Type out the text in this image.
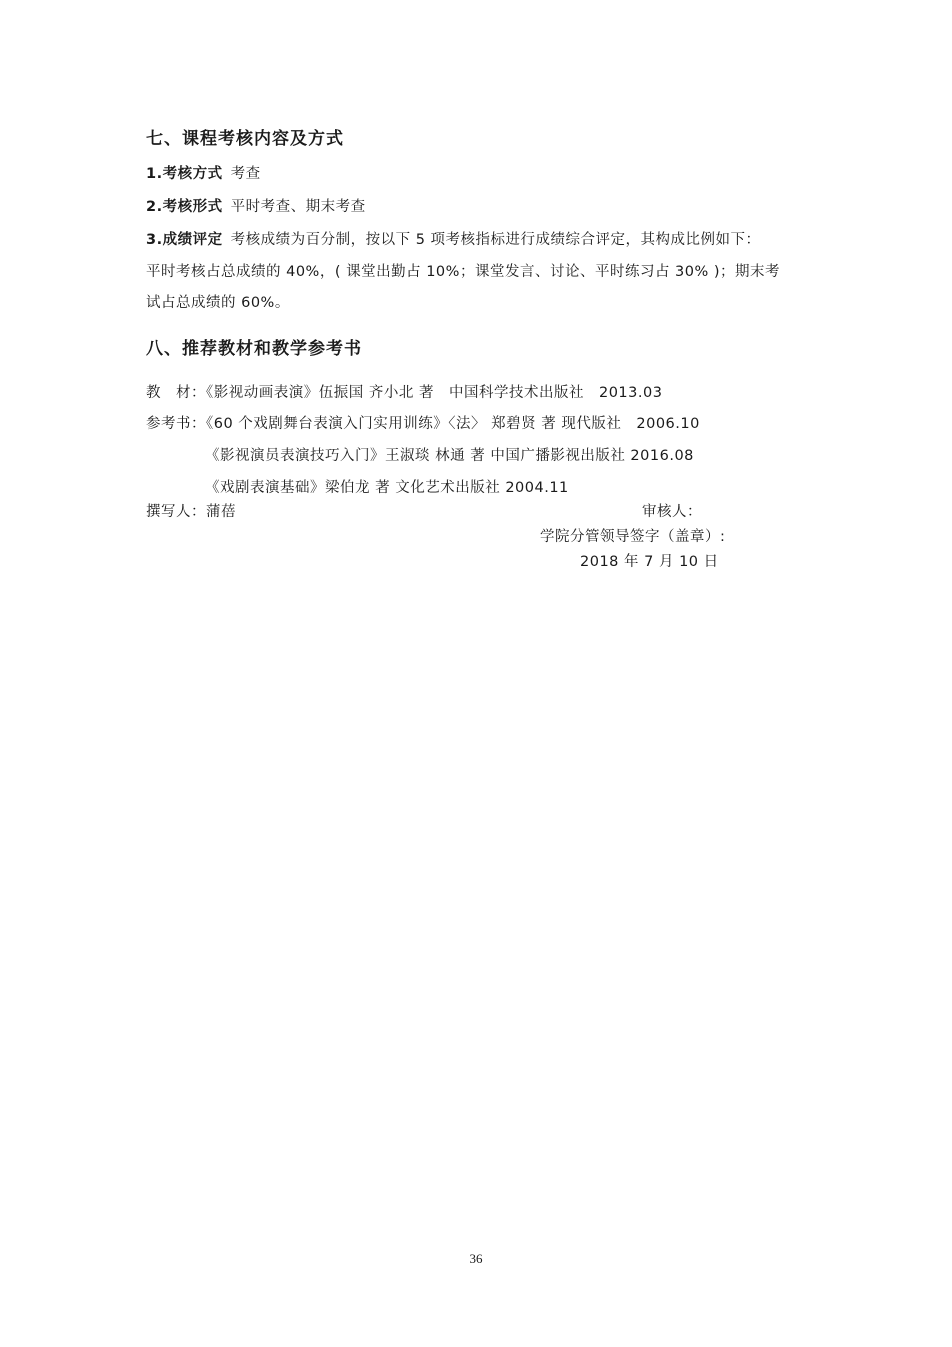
七、课程考核内容及方式
1.考核方式 考查
2.考核形式 平时考查、期末考查
3.成绩评定 考核成绩为百分制，按以下 5 项考核指标进行成绩综合评定，其构成比例如下：
平时考核占总成绩的 40%，( 课堂出勤占 10%；课堂发言、讨论、平时练习占 30% )；期末考
试占总成绩的 60%。
八、推荐教材和教学参考书
教　材：《影视动画表演》伍振国 齐小北 著　中国科学技术出版社　2013.03
参考书：《60 个戏剧舞台表演入门实用训练》〈法〉 郑碧贤 著 现代版社　2006.10
《影视演员表演技巧入门》王淑琰 林通 著 中国广播影视出版社 2016.08
《戏剧表演基础》梁伯龙 著 文化艺术出版社 2004.11
撰写人：蒲蓓	审核人：
学院分管领导签字（盖章）:
2018 年 7 月 10 日
36
